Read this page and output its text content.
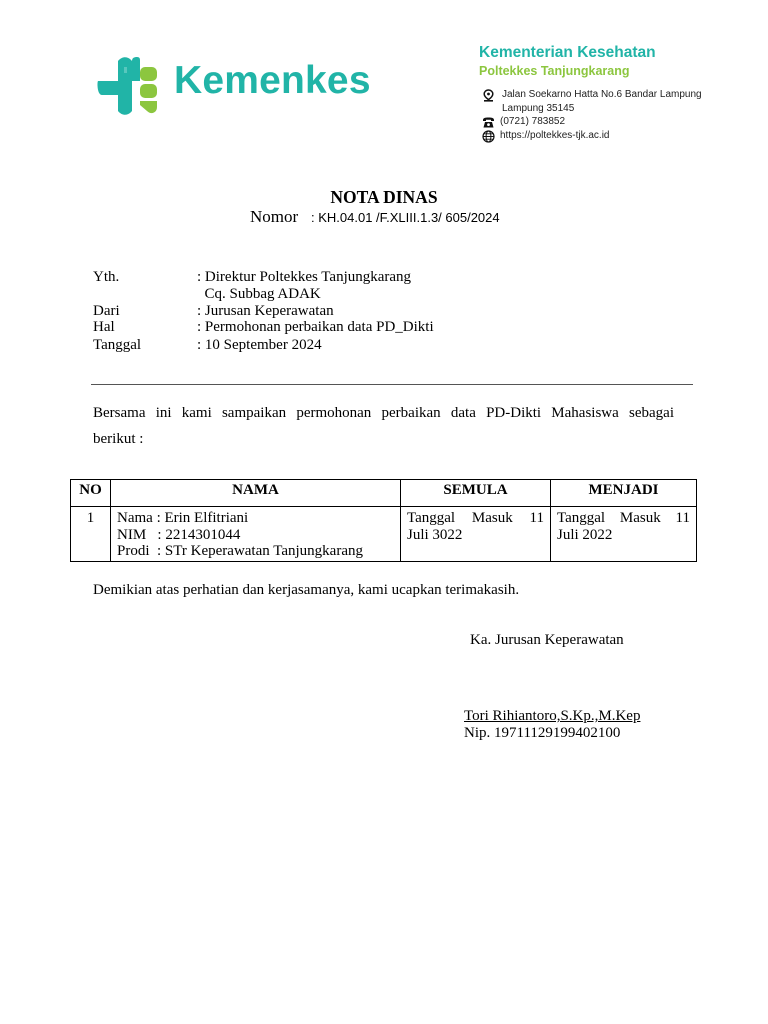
Kemenkes
Kementerian Kesehatan
Poltekkes Tanjungkarang
Jalan Soekarno Hatta No.6 Bandar Lampung
Lampung 35145
(0721) 783852
https://poltekkes-tjk.ac.id
NOTA DINAS
Nomor : KH.04.01 /F.XLIII.1.3/ 605/2024
Yth.	: Direktur Poltekkes Tanjungkarang
Cq. Subbag ADAK
Dari	: Jurusan Keperawatan
Hal	: Permohonan perbaikan data PD_Dikti
Tanggal	: 10 September 2024
Bersama ini kami sampaikan permohonan perbaikan data PD-Dikti Mahasiswa sebagai
berikut :
NO	NAMA	SEMULA	MENJADI
1	Nama : Erin Elfitriani
NIM   : 2214301044
Prodi  : STr Keperawatan Tanjungkarang	Tanggal Masuk 11
Juli 3022	Tanggal Masuk 11
Juli 2022
Demikian atas perhatian dan kerjasamanya, kami ucapkan terimakasih.
Ka. Jurusan Keperawatan
Tori Rihiantoro,S.Kp.,M.Kep
Nip. 19711129199402100
